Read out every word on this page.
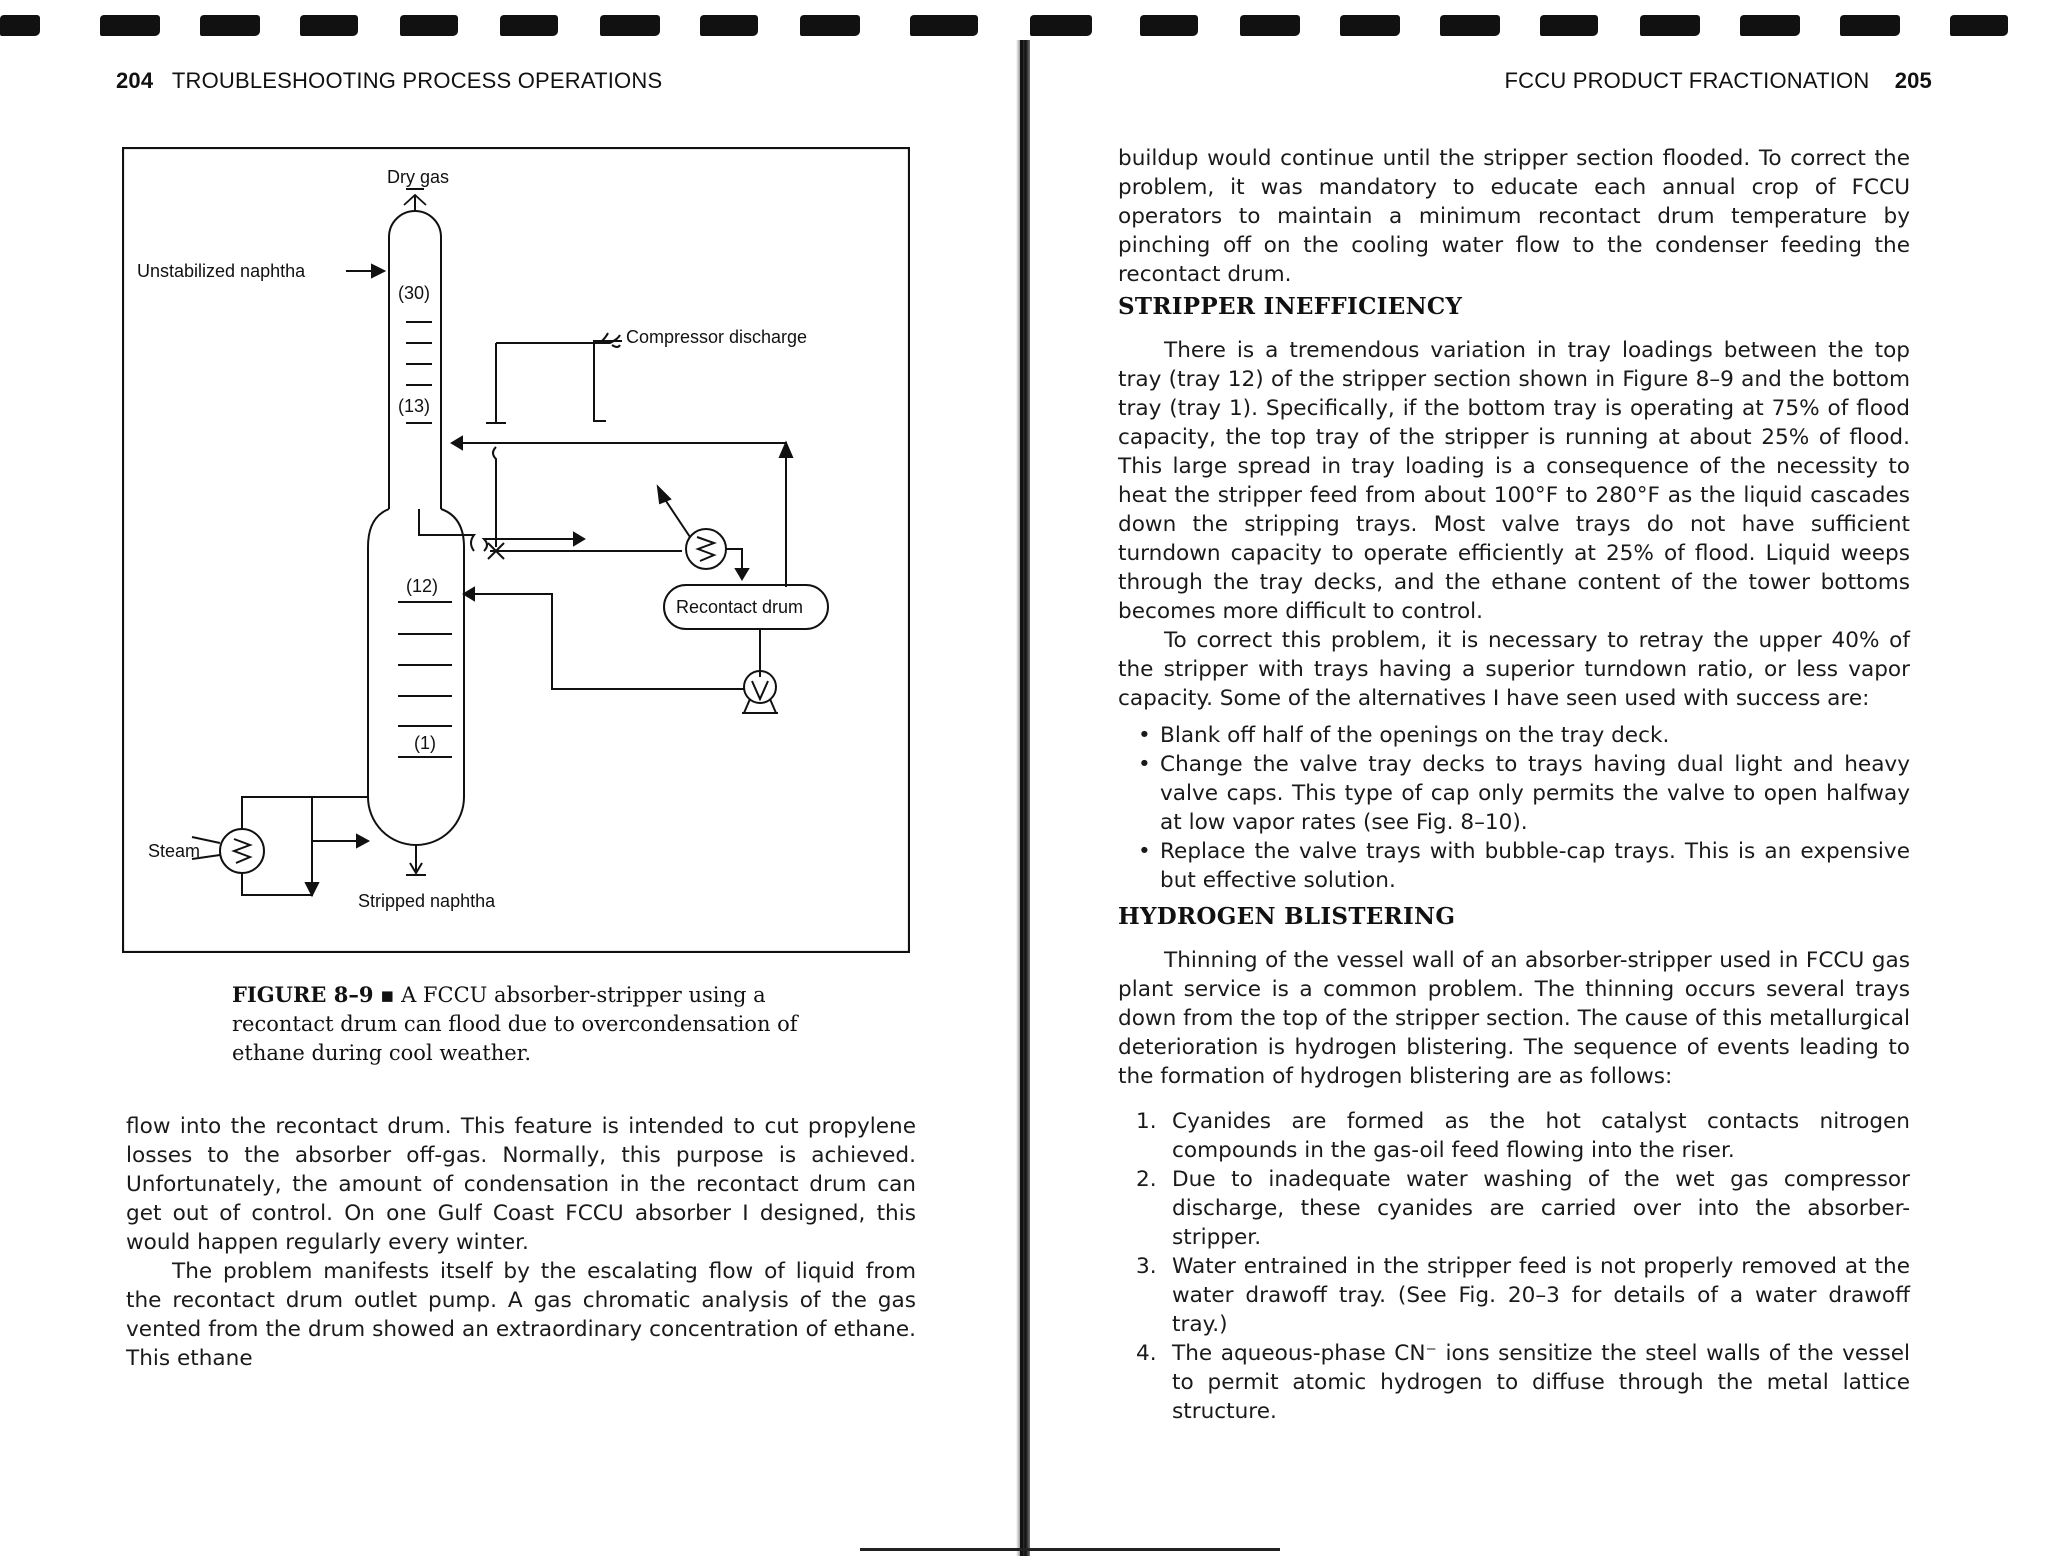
204 TROUBLESHOOTING PROCESS OPERATIONS
Dry gas
Unstabilized naphtha
(30)
(13)
Compressor discharge
(12)
Recontact drum
(1)
Steam
Stripped naphtha
FIGURE 8–9 ▪ A FCCU absorber-stripper using a recontact drum can flood due to overcondensation of ethane during cool weather.

flow into the recontact drum. This feature is intended to cut propylene losses to the absorber off-gas. Normally, this purpose is achieved. Unfortunately, the amount of condensation in the recontact drum can get out of control. On one Gulf Coast FCCU absorber I designed, this would happen regularly every winter.

The problem manifests itself by the escalating flow of liquid from the recontact drum outlet pump. A gas chromatic analysis of the gas vented from the drum showed an extraordinary concentration of ethane. This ethane

FCCU PRODUCT FRACTIONATION 205

buildup would continue until the stripper section flooded. To correct the problem, it was mandatory to educate each annual crop of FCCU operators to maintain a minimum recontact drum temperature by pinching off on the cooling water flow to the condenser feeding the recontact drum.

STRIPPER INEFFICIENCY

There is a tremendous variation in tray loadings between the top tray (tray 12) of the stripper section shown in Figure 8–9 and the bottom tray (tray 1). Specifically, if the bottom tray is operating at 75% of flood capacity, the top tray of the stripper is running at about 25% of flood. This large spread in tray loading is a consequence of the necessity to heat the stripper feed from about 100°F to 280°F as the liquid cascades down the stripping trays. Most valve trays do not have sufficient turndown capacity to operate efficiently at 25% of flood. Liquid weeps through the tray decks, and the ethane content of the tower bottoms becomes more difficult to control.

To correct this problem, it is necessary to retray the upper 40% of the stripper with trays having a superior turndown ratio, or less vapor capacity. Some of the alternatives I have seen used with success are:

• Blank off half of the openings on the tray deck.
• Change the valve tray decks to trays having dual light and heavy valve caps. This type of cap only permits the valve to open halfway at low vapor rates (see Fig. 8–10).
• Replace the valve trays with bubble-cap trays. This is an expensive but effective solution.
HYDROGEN BLISTERING

Thinning of the vessel wall of an absorber-stripper used in FCCU gas plant service is a common problem. The thinning occurs several trays down from the top of the stripper section. The cause of this metallurgical deterioration is hydrogen blistering. The sequence of events leading to the formation of hydrogen blistering are as follows:

1. Cyanides are formed as the hot catalyst contacts nitrogen compounds in the gas-oil feed flowing into the riser.
2. Due to inadequate water washing of the wet gas compressor discharge, these cyanides are carried over into the absorber-stripper.
3. Water entrained in the stripper feed is not properly removed at the water drawoff tray. (See Fig. 20–3 for details of a water drawoff tray.)
4. The aqueous-phase CN⁻ ions sensitize the steel walls of the vessel to permit atomic hydrogen to diffuse through the metal lattice structure.
